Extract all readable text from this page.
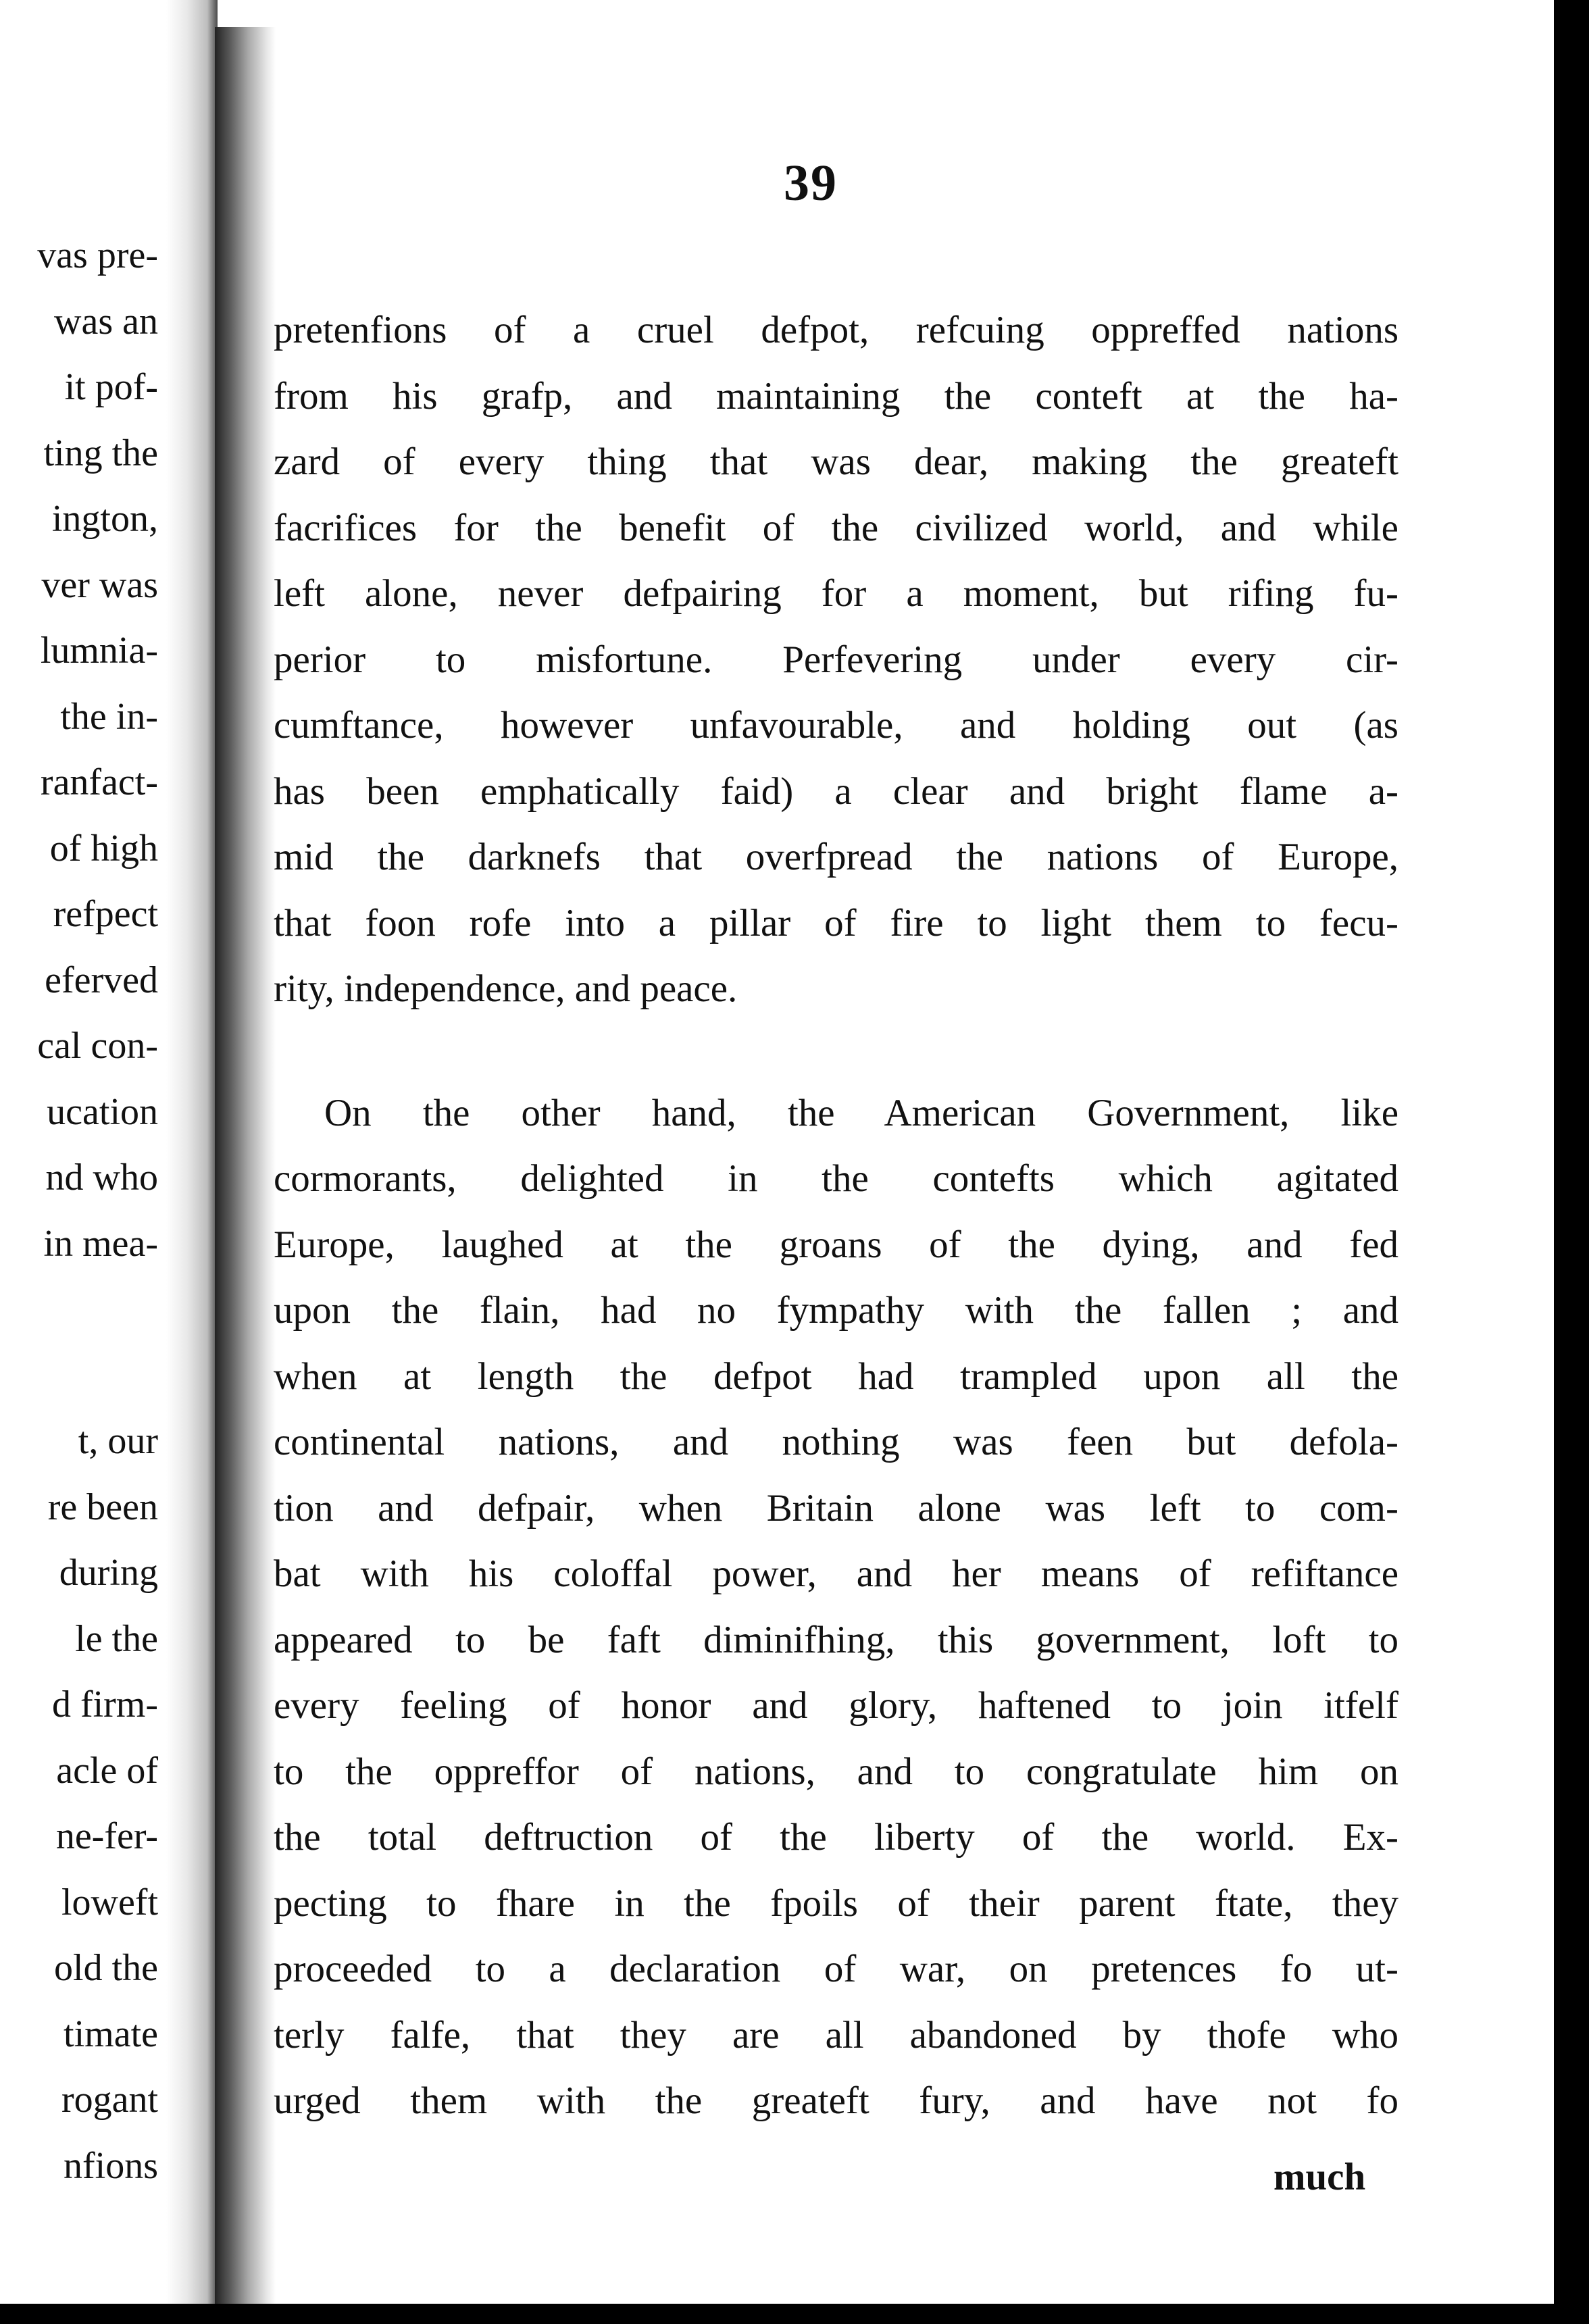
vas pre-
was an
it pof-
ting the
ington,
ver was
lumnia-
the in-
ranfact-
of high
refpect
eferved
cal con-
ucation
nd who
in mea-
t, our
re been
during
le the
d firm-
acle of
ne-fer-
loweft
old the
timate
rogant
nfions
39
pretenfions of a cruel defpot, refcuing oppreffed nations
from his grafp, and maintaining the conteft at the ha-
zard of every thing that was dear, making the greateft
facrifices for the benefit of the civilized world, and while
left alone, never defpairing for a moment, but rifing fu-
perior to misfortune. Perfevering under every cir-
cumftance, however unfavourable, and holding out (as
has been emphatically faid) a clear and bright flame a-
mid the darknefs that overfpread the nations of Europe,
that foon rofe into a pillar of fire to light them to fecu-
rity, independence, and peace.
On the other hand, the American Government, like
cormorants, delighted in the contefts which agitated
Europe, laughed at the groans of the dying, and fed
upon the flain, had no fympathy with the fallen ; and
when at length the defpot had trampled upon all the
continental nations, and nothing was feen but defola-
tion and defpair, when Britain alone was left to com-
bat with his coloffal power, and her means of refiftance
appeared to be faft diminifhing, this government, loft to
every feeling of honor and glory, haftened to join itfelf
to the oppreffor of nations, and to congratulate him on
the total deftruction of the liberty of the world. Ex-
pecting to fhare in the fpoils of their parent ftate, they
proceeded to a declaration of war, on pretences fo ut-
terly falfe, that they are all abandoned by thofe who
urged them with the greateft fury, and have not fo
much
